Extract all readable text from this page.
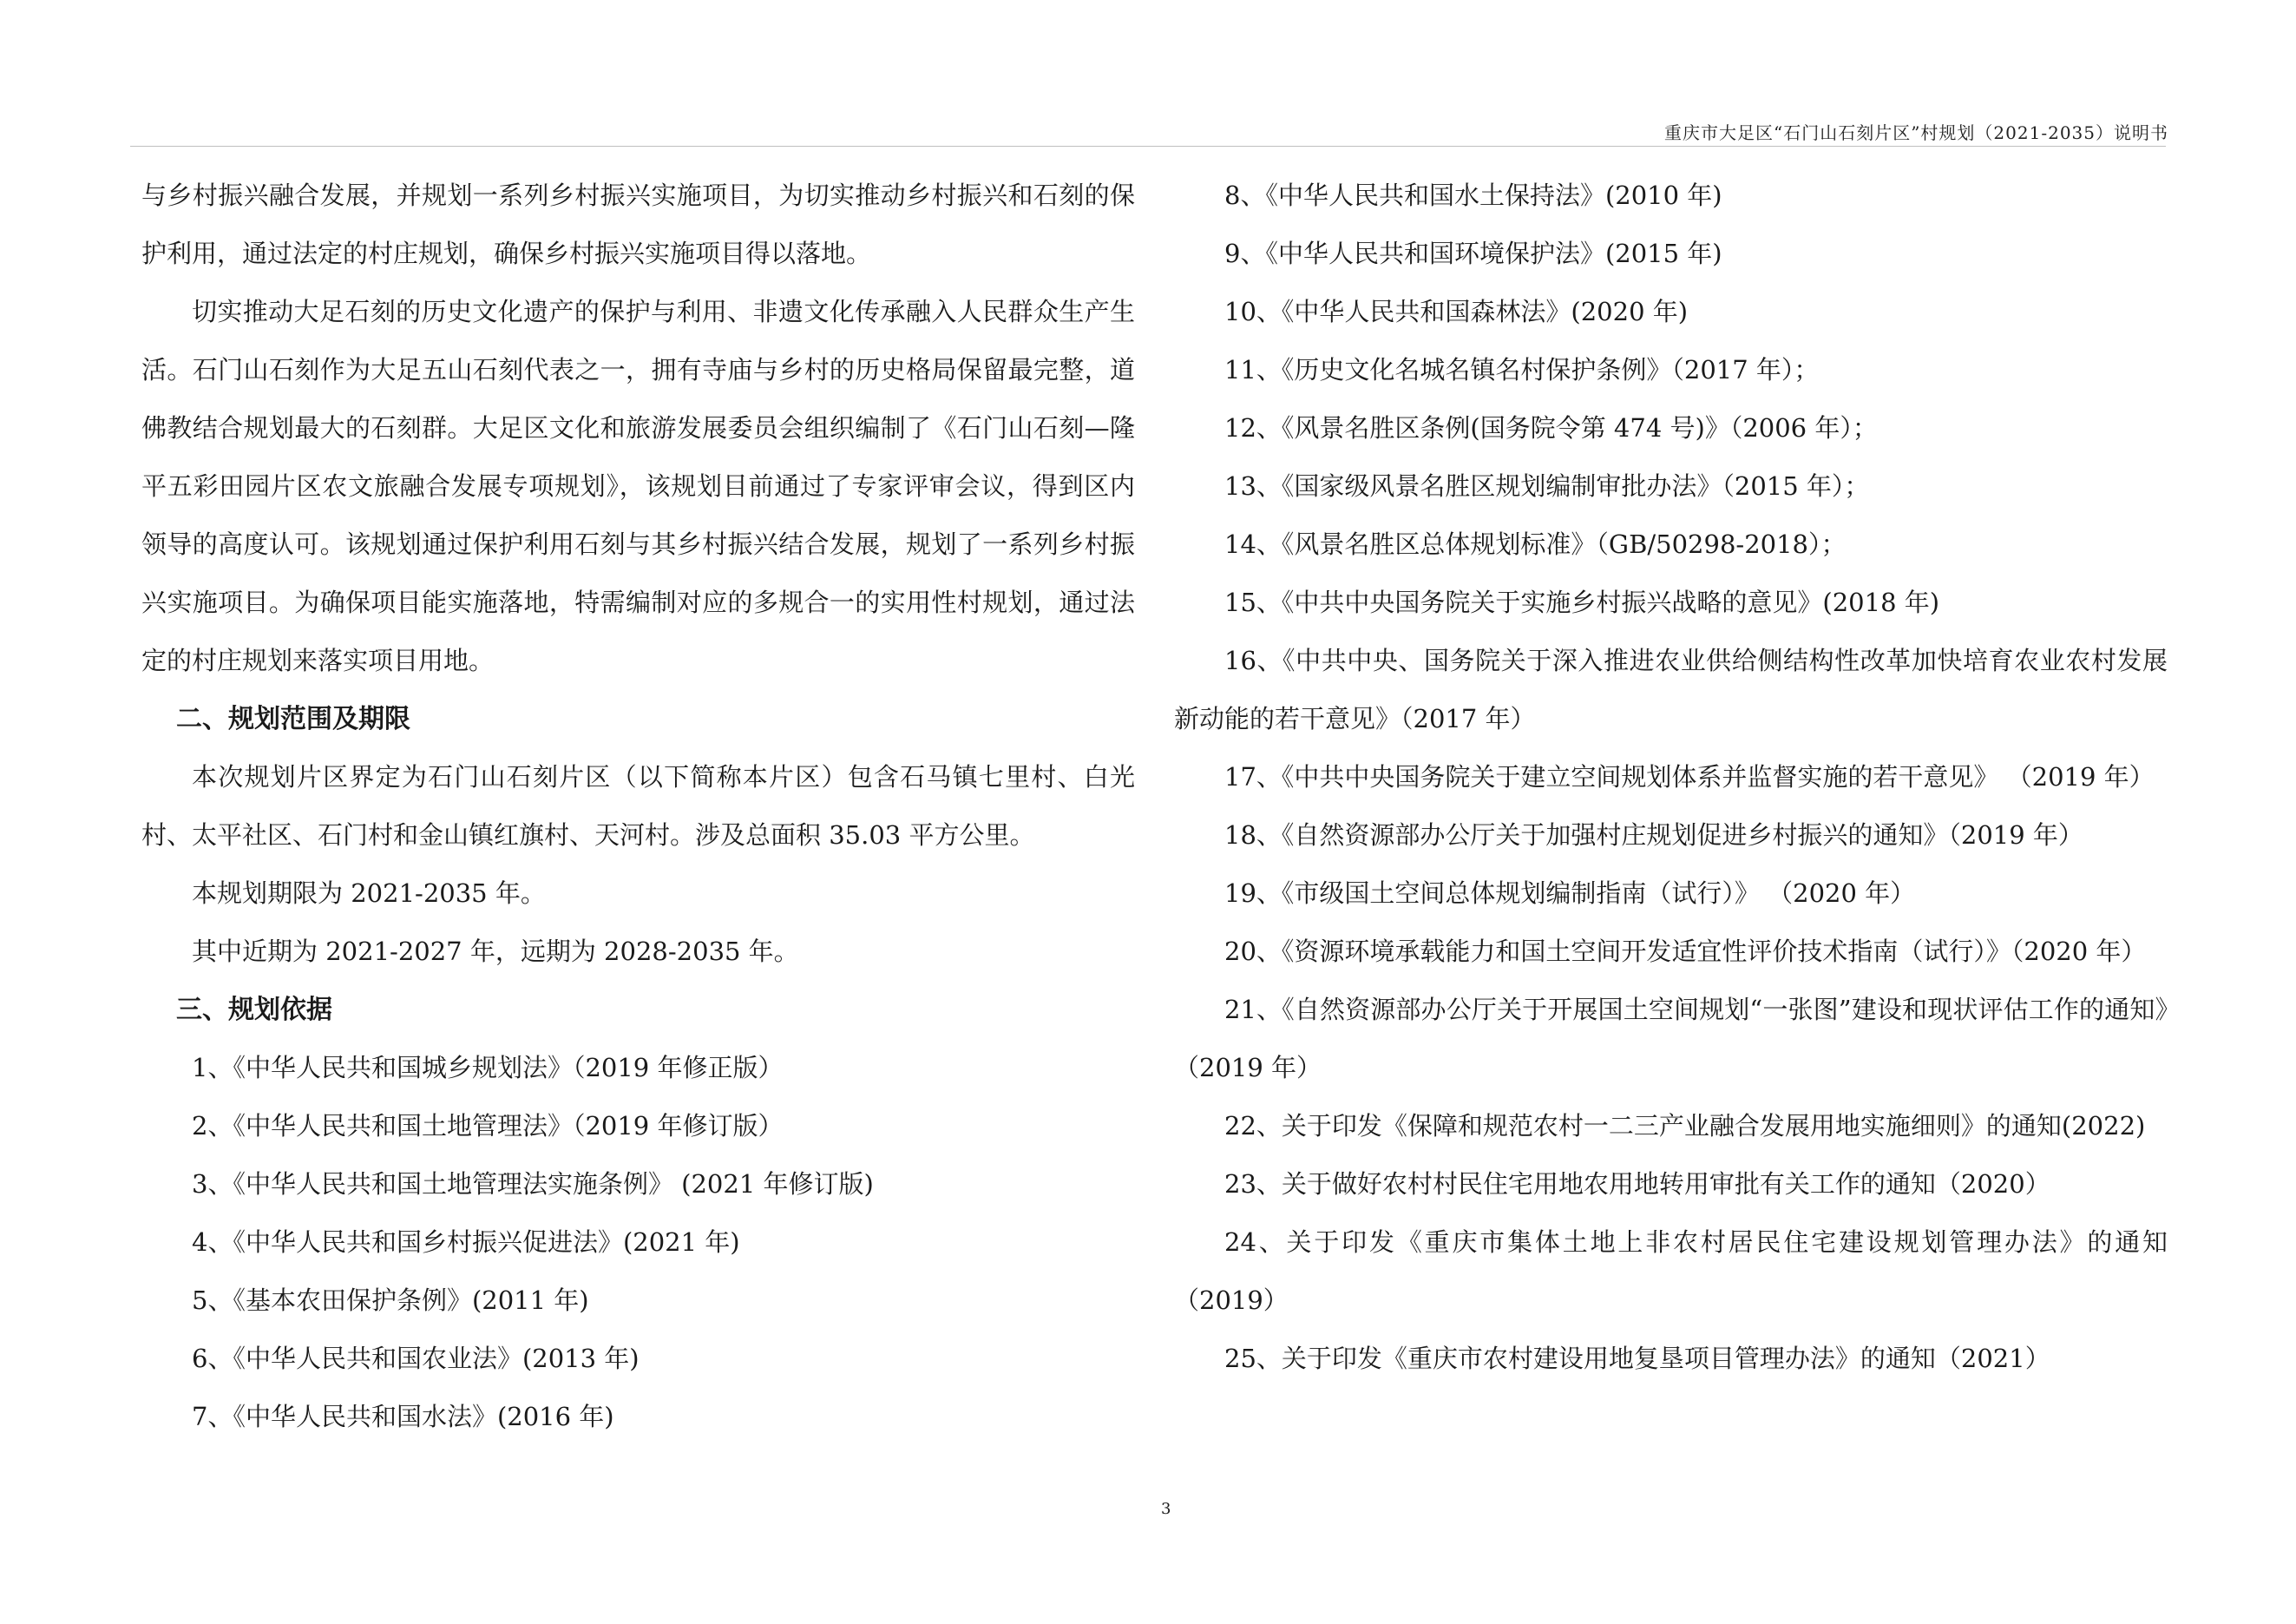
重庆市大足区“石门山石刻片区”村规划（2021-2035）说明书

与乡村振兴融合发展，并规划一系列乡村振兴实施项目，为切实推动乡村振兴和石刻的保护利用，通过法定的村庄规划，确保乡村振兴实施项目得以落地。

切实推动大足石刻的历史文化遗产的保护与利用、非遗文化传承融入人民群众生产生活。石门山石刻作为大足五山石刻代表之一，拥有寺庙与乡村的历史格局保留最完整，道佛教结合规划最大的石刻群。大足区文化和旅游发展委员会组织编制了《石门山石刻—隆平五彩田园片区农文旅融合发展专项规划》，该规划目前通过了专家评审会议，得到区内领导的高度认可。该规划通过保护利用石刻与其乡村振兴结合发展，规划了一系列乡村振兴实施项目。为确保项目能实施落地，特需编制对应的多规合一的实用性村规划，通过法定的村庄规划来落实项目用地。

二、规划范围及期限

本次规划片区界定为石门山石刻片区（以下简称本片区）包含石马镇七里村、白光村、太平社区、石门村和金山镇红旗村、天河村。涉及总面积 35.03 平方公里。

本规划期限为 2021-2035 年。

其中近期为 2021-2027 年，远期为 2028-2035 年。

三、规划依据

1、《中华人民共和国城乡规划法》（2019 年修正版）

2、《中华人民共和国土地管理法》（2019 年修订版）

3、《中华人民共和国土地管理法实施条例》 (2021 年修订版)

4、《中华人民共和国乡村振兴促进法》(2021 年)

5、《基本农田保护条例》(2011 年)

6、《中华人民共和国农业法》(2013 年)

7、《中华人民共和国水法》(2016 年)

8、《中华人民共和国水土保持法》(2010 年)

9、《中华人民共和国环境保护法》(2015 年)

10、《中华人民共和国森林法》(2020 年)

11、《历史文化名城名镇名村保护条例》（2017 年）；

12、《风景名胜区条例(国务院令第 474 号)》（2006 年）；

13、《国家级风景名胜区规划编制审批办法》（2015 年）；

14、《风景名胜区总体规划标准》（GB/50298-2018）；

15、《中共中央国务院关于实施乡村振兴战略的意见》(2018 年)

16、《中共中央、国务院关于深入推进农业供给侧结构性改革加快培育农业农村发展新动能的若干意见》（2017 年）

17、《中共中央国务院关于建立空间规划体系并监督实施的若干意见》 （2019 年）

18、《自然资源部办公厅关于加强村庄规划促进乡村振兴的通知》（2019 年）

19、《市级国土空间总体规划编制指南（试行）》 （2020 年）

20、《资源环境承载能力和国土空间开发适宜性评价技术指南（试行）》（2020 年）

21、《自然资源部办公厅关于开展国土空间规划“一张图”建设和现状评估工作的通知》（2019 年）

22、关于印发《保障和规范农村一二三产业融合发展用地实施细则》的通知(2022)

23、关于做好农村村民住宅用地农用地转用审批有关工作的通知（2020）

24、关于印发《重庆市集体土地上非农村居民住宅建设规划管理办法》的通知（2019）

25、关于印发《重庆市农村建设用地复垦项目管理办法》的通知（2021）

3
